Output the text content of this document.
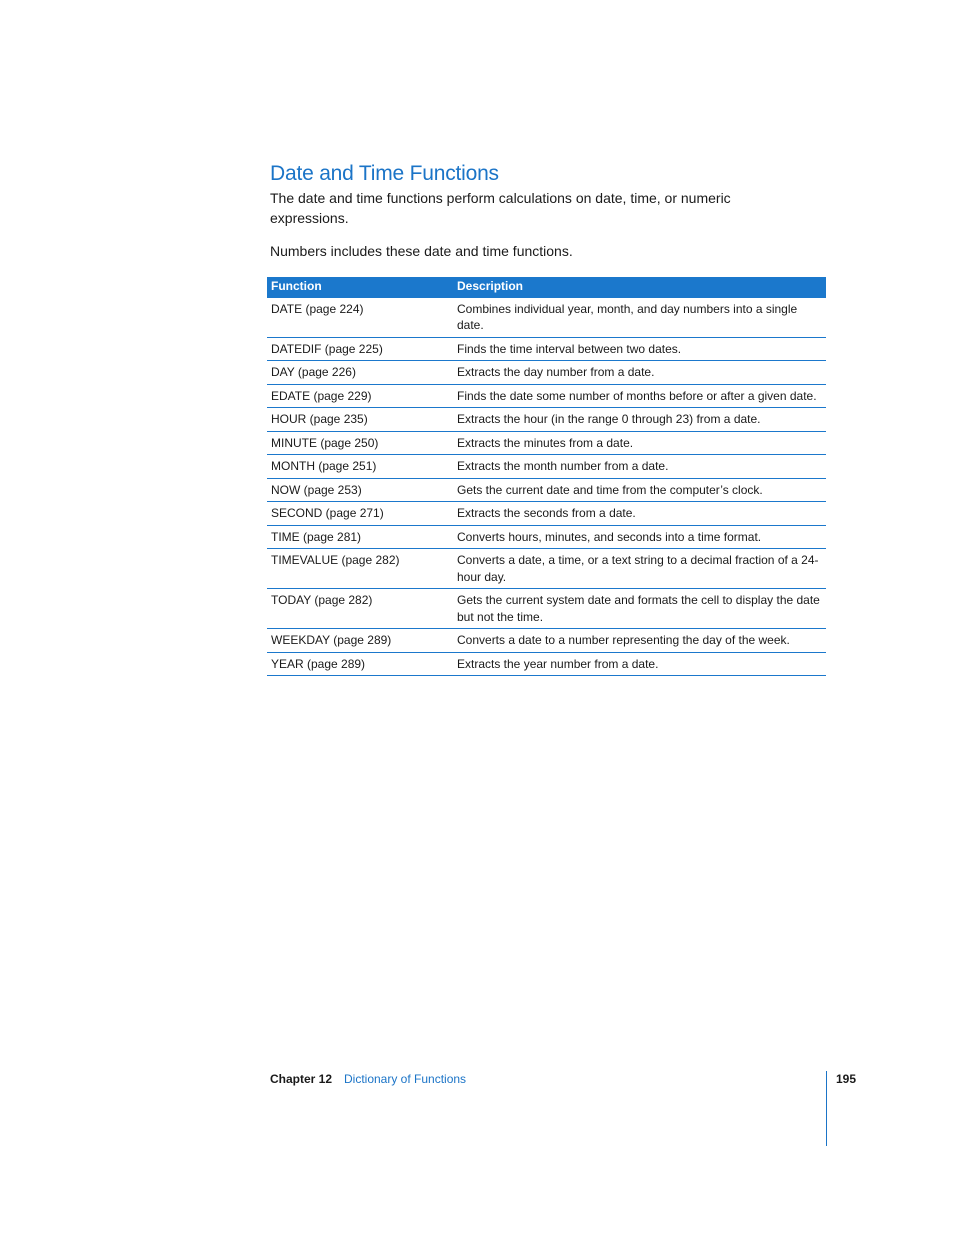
Date and Time Functions

The date and time functions perform calculations on date, time, or numeric expressions.

Numbers includes these date and time functions.

Function	Description
DATE (page 224)	Combines individual year, month, and day numbers into a single date.
DATEDIF (page 225)	Finds the time interval between two dates.
DAY (page 226)	Extracts the day number from a date.
EDATE (page 229)	Finds the date some number of months before or after a given date.
HOUR (page 235)	Extracts the hour (in the range 0 through 23) from a date.
MINUTE (page 250)	Extracts the minutes from a date.
MONTH (page 251)	Extracts the month number from a date.
NOW (page 253)	Gets the current date and time from the computer’s clock.
SECOND (page 271)	Extracts the seconds from a date.
TIME (page 281)	Converts hours, minutes, and seconds into a time format.
TIMEVALUE (page 282)	Converts a date, a time, or a text string to a decimal fraction of a 24-hour day.
TODAY (page 282)	Gets the current system date and formats the cell to display the date but not the time.
WEEKDAY (page 289)	Converts a date to a number representing the day of the week.
YEAR (page 289)	Extracts the year number from a date.
Chapter 12 Dictionary of Functions	195
